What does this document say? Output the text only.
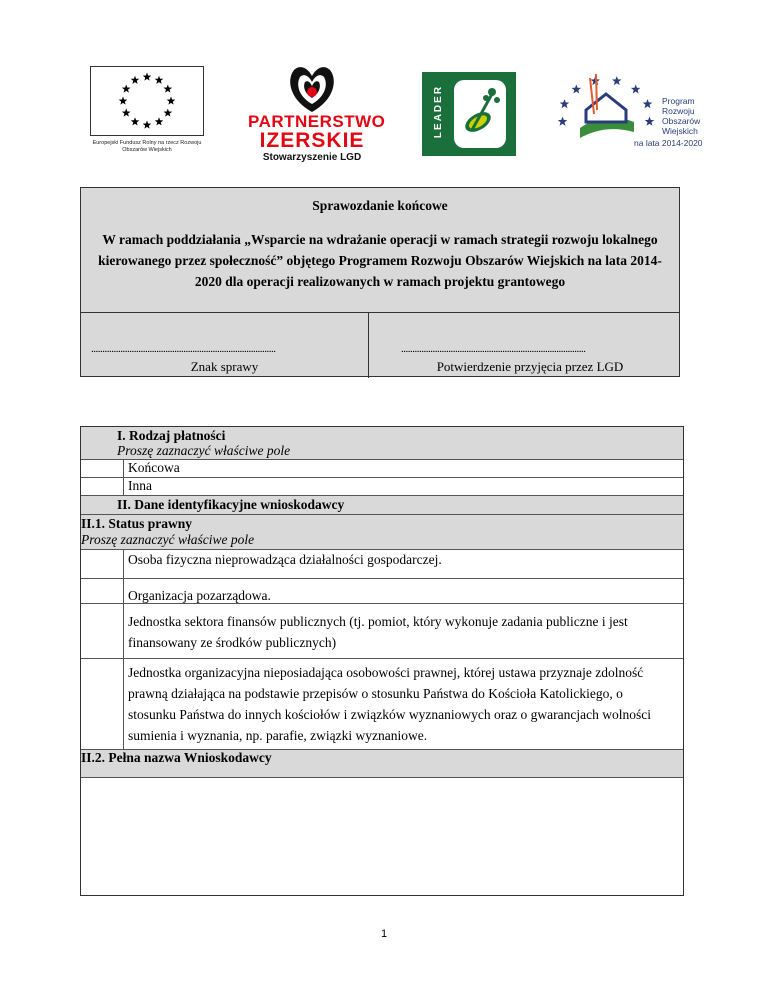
Europejski Fundusz Rolny na rzecz Rozwoju Obszarów Wiejskich
PARTNERSTWO
IZERSKIE
Stowarzyszenie LGD
LEADER	Program
Rozwoju
Obszarów
Wiejskich
na lata 2014-2020
Sprawozdanie końcowe
W ramach poddziałania „Wsparcie na wdrażanie operacji w ramach strategii rozwoju lokalnego kierowanego przez społeczność” objętego Programem Rozwoju Obszarów Wiejskich na lata 2014-2020 dla operacji realizowanych w ramach projektu grantowego
..................................................................................
Znak sprawy
..................................................................................
Potwierdzenie przyjęcia przez LGD
I. Rodzaj płatności
Proszę zaznaczyć właściwe pole
Końcowa
Inna
II. Dane identyfikacyjne wnioskodawcy
II.1. Status prawny
Proszę zaznaczyć właściwe pole
Osoba fizyczna nieprowadząca działalności gospodarczej.
Organizacja pozarządowa.
Jednostka sektora finansów publicznych (tj. pomiot, który wykonuje zadania publiczne i jest finansowany ze środków publicznych)
Jednostka organizacyjna nieposiadająca osobowości prawnej, której ustawa przyznaje zdolność prawną działająca na podstawie przepisów o stosunku Państwa do Kościoła Katolickiego, o stosunku Państwa do innych kościołów i związków wyznaniowych oraz o gwarancjach wolności sumienia i wyznania, np. parafie, związki wyznaniowe.
II.2. Pełna nazwa Wnioskodawcy
1
